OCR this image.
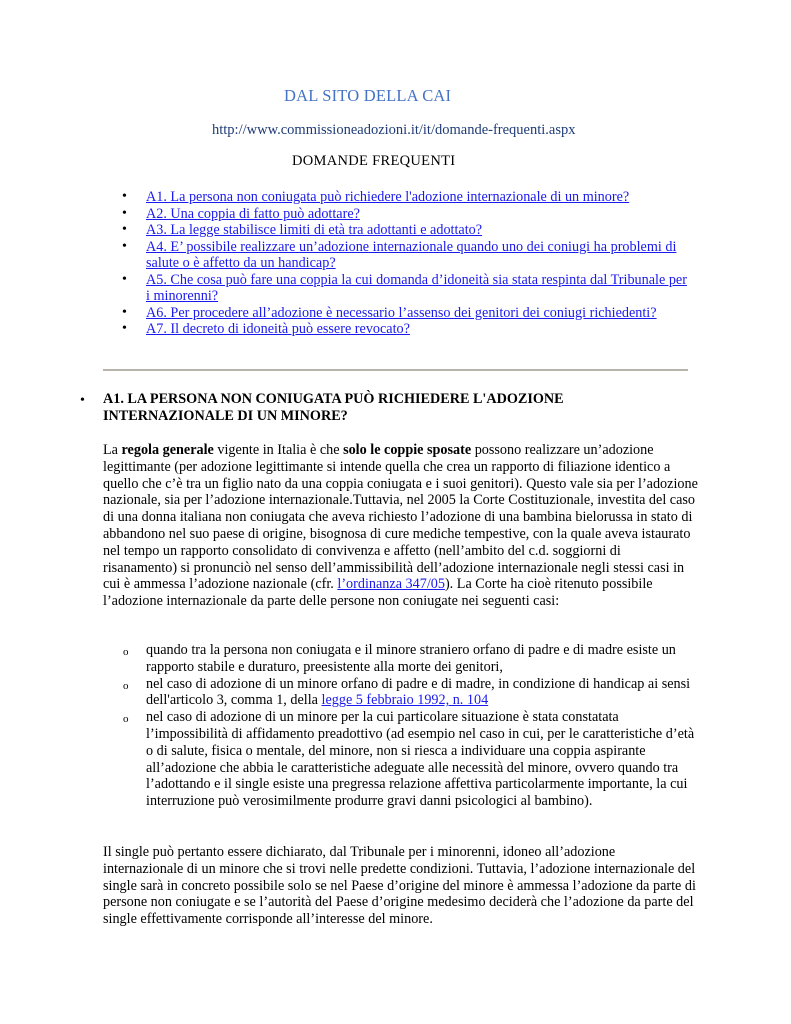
DAL SITO DELLA CAI
http://www.commissioneadozioni.it/it/domande-frequenti.aspx
DOMANDE FREQUENTI
• A1. La persona non coniugata può richiedere l'adozione internazionale di un minore?
• A2. Una coppia di fatto può adottare?
• A3. La legge stabilisce limiti di età tra adottanti e adottato?
• A4. E’ possibile realizzare un’adozione internazionale quando uno dei coniugi ha problemi di salute o è affetto da un handicap?
• A5. Che cosa può fare una coppia la cui domanda d’idoneità sia stata respinta dal Tribunale per i minorenni?
• A6. Per procedere all’adozione è necessario l’assenso dei genitori dei coniugi richiedenti?
• A7. Il decreto di idoneità può essere revocato?
• A1. LA PERSONA NON CONIUGATA PUÒ RICHIEDERE L'ADOZIONE INTERNAZIONALE DI UN MINORE?

La regola generale vigente in Italia è che solo le coppie sposate possono realizzare un’adozione legittimante (per adozione legittimante si intende quella che crea un rapporto di filiazione identico a quello che c’è tra un figlio nato da una coppia coniugata e i suoi genitori). Questo vale sia per l’adozione nazionale, sia per l’adozione internazionale.Tuttavia, nel 2005 la Corte Costituzionale, investita del caso di una donna italiana non coniugata che aveva richiesto l’adozione di una bambina bielorussa in stato di abbandono nel suo paese di origine, bisognosa di cure mediche tempestive, con la quale aveva istaurato nel tempo un rapporto consolidato di convivenza e affetto (nell’ambito del c.d. soggiorni di risanamento) si pronunciò nel senso dell’ammissibilità dell’adozione internazionale negli stessi casi in cui è ammessa l’adozione nazionale (cfr. l’ordinanza 347/05). La Corte ha cioè ritenuto possibile l’adozione internazionale da parte delle persone non coniugate nei seguenti casi:

o quando tra la persona non coniugata e il minore straniero orfano di padre e di madre esiste un rapporto stabile e duraturo, preesistente alla morte dei genitori,
o nel caso di adozione di un minore orfano di padre e di madre, in condizione di handicap ai sensi dell'articolo 3, comma 1, della legge 5 febbraio 1992, n. 104
o nel caso di adozione di un minore per la cui particolare situazione è stata constatata l’impossibilità di affidamento preadottivo (ad esempio nel caso in cui, per le caratteristiche d’età o di salute, fisica o mentale, del minore, non si riesca a individuare una coppia aspirante all’adozione che abbia le caratteristiche adeguate alle necessità del minore, ovvero quando tra l’adottando e il single esiste una pregressa relazione affettiva particolarmente importante, la cui interruzione può verosimilmente produrre gravi danni psicologici al bambino).

Il single può pertanto essere dichiarato, dal Tribunale per i minorenni, idoneo all’adozione internazionale di un minore che si trovi nelle predette condizioni. Tuttavia, l’adozione internazionale del single sarà in concreto possibile solo se nel Paese d’origine del minore è ammessa l’adozione da parte di persone non coniugate e se l’autorità del Paese d’origine medesimo deciderà che l’adozione da parte del single effettivamente corrisponde all’interesse del minore.
